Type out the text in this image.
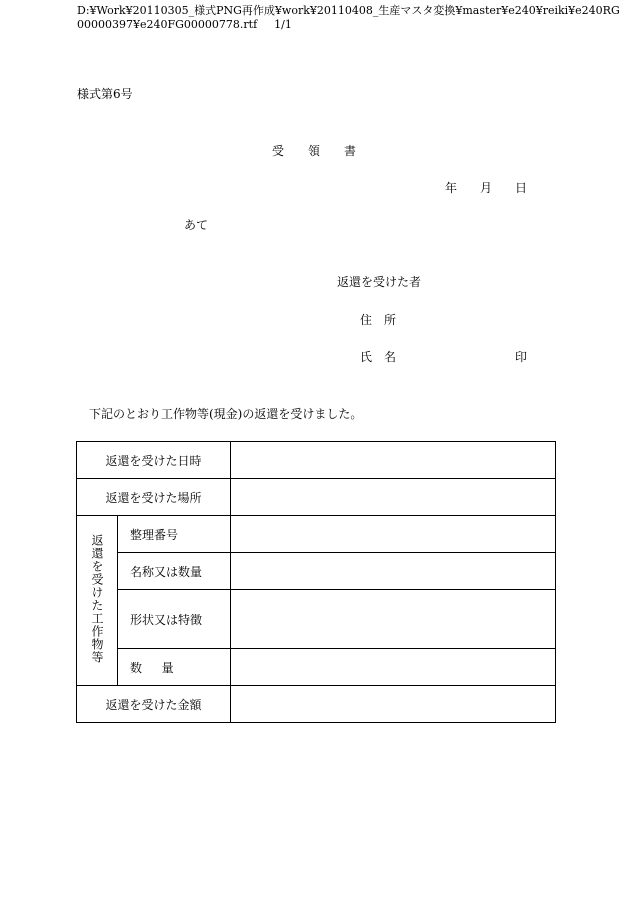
D:¥Work¥20110305_様式PNG再作成¥work¥20110408_生産マスタ変換¥master¥e240¥reiki¥e240RG
00000397¥e240FG00000778.rtf 1/1
様式第6号
受 領 書
年 月 日
あて
返還を受けた者
住 所
氏 名	印
下記のとおり工作物等(現金)の返還を受けました。
返還を受けた日時		
返還を受けた場所		
返還を受けた工作物等	整理番号	
	名称又は数量	
	形状又は特徴	
	数 量	
返還を受けた金額		
